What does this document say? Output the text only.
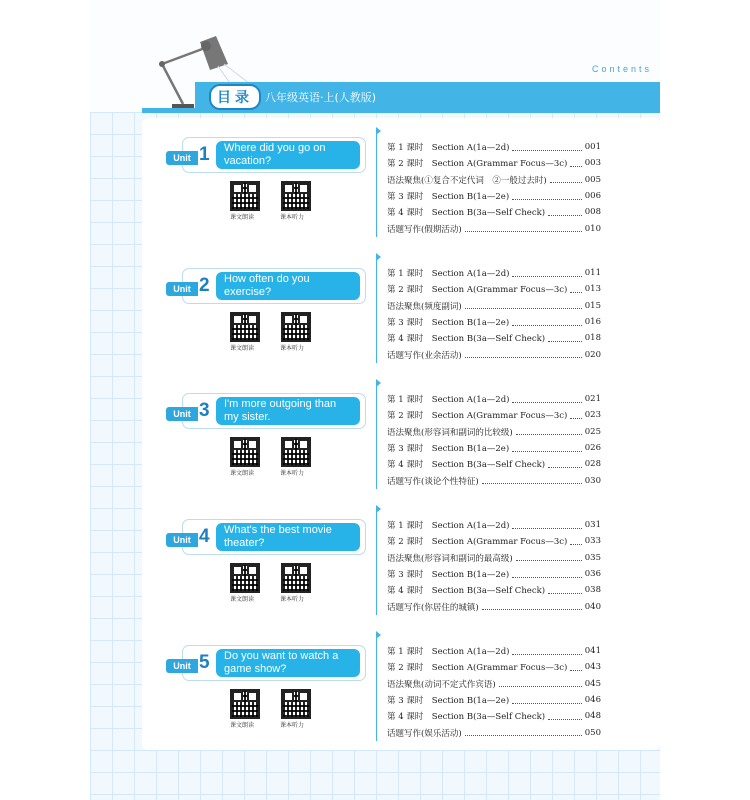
Contents
目录	八年级英语·上(人教版)
Unit 1	Where did you go on vacation?
课文朗读	课本听力
第 1 课时　Section A(1a—2d)	001
第 2 课时　Section A(Grammar Focus—3c) 003
语法聚焦(①复合不定代词　②一般过去时)	005
第 3 课时　Section B(1a—2e)	006
第 4 课时　Section B(3a—Self Check)	008
话题写作(假期活动)	010
Unit 2	How often do you exercise?
课文朗读	课本听力
第 1 课时　Section A(1a—2d)	011
第 2 课时　Section A(Grammar Focus—3c) 013
语法聚焦(频度副词)	015
第 3 课时　Section B(1a—2e)	016
第 4 课时　Section B(3a—Self Check)	018
话题写作(业余活动)	020
Unit 3	I'm more outgoing than my sister.
课文朗读	课本听力
第 1 课时　Section A(1a—2d)	021
第 2 课时　Section A(Grammar Focus—3c) 023
语法聚焦(形容词和副词的比较级)	025
第 3 课时　Section B(1a—2e)	026
第 4 课时　Section B(3a—Self Check)	028
话题写作(谈论个性特征)	030
Unit 4	What's the best movie theater?
课文朗读	课本听力
第 1 课时　Section A(1a—2d)	031
第 2 课时　Section A(Grammar Focus—3c) 033
语法聚焦(形容词和副词的最高级)	035
第 3 课时　Section B(1a—2e)	036
第 4 课时　Section B(3a—Self Check)	038
话题写作(你居住的城镇)	040
Unit 5	Do you want to watch a game show?
课文朗读	课本听力
第 1 课时　Section A(1a—2d)	041
第 2 课时　Section A(Grammar Focus—3c) 043
语法聚焦(动词不定式作宾语)	045
第 3 课时　Section B(1a—2e)	046
第 4 课时　Section B(3a—Self Check)	048
话题写作(娱乐活动)	050
